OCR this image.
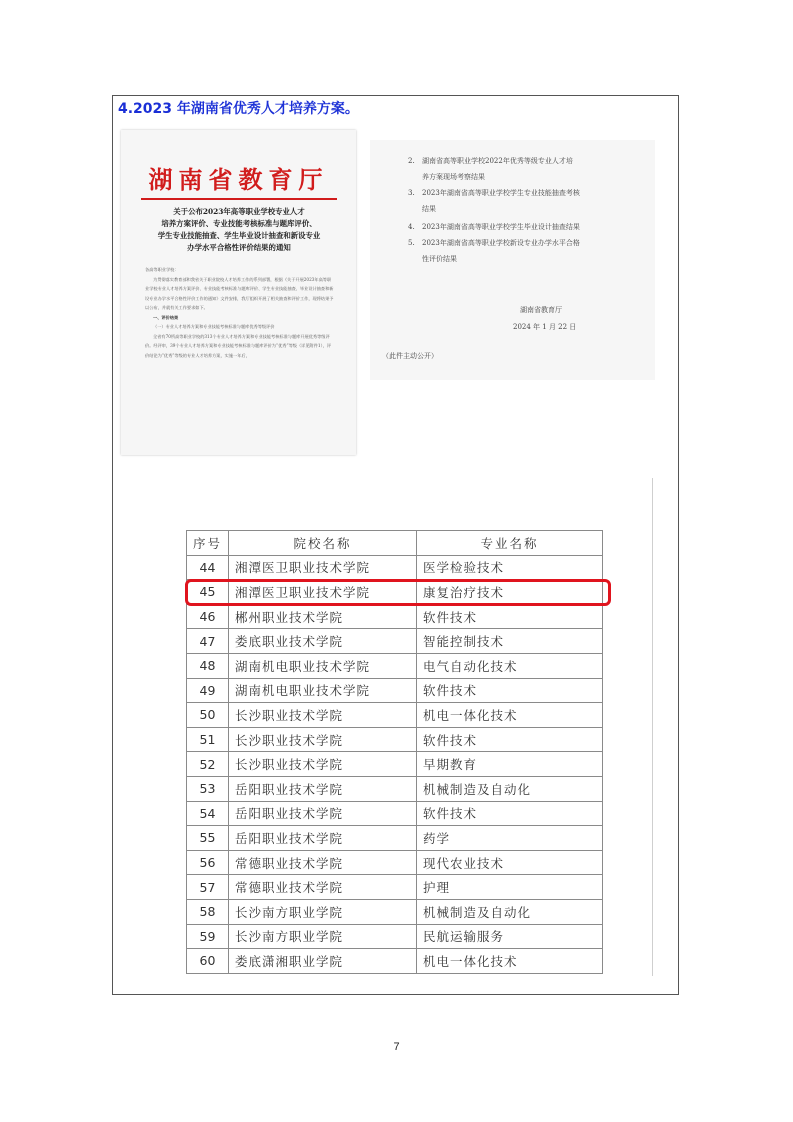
4.2023 年湖南省优秀人才培养方案。
湖南省教育厅
关于公布2023年高等职业学校专业人才
培养方案评价、专业技能考核标准与题库评价、
学生专业技能抽查、学生毕业设计抽查和新设专业
办学水平合格性评价结果的通知

各高等职业学校：

为贯彻落实教育部和我省关于职业院校人才培养工作的系列部署，根据《关于开展2023年高等职业学校专业人才培养方案评价、专业技能考核标准与题库评价、学生专业技能抽查、毕业设计抽查和新设专业办学水平合格性评价工作的通知》文件安排，我厅组织开展了相关抽查和评价工作，现将结果予以公布，并就有关工作要求如下。

一、评价结果

（一）专业人才培养方案和专业技能考核标准与题库优秀等级评价

全省有70所高等职业学校的313个专业人才培养方案和专业技能考核标准与题库开展优秀等级评价。经评审，39个专业人才培养方案和专业技能考核标准与题库评价为“优秀”等级（详见附件1），评价结论为“优秀”等级的专业人才培养方案，实施一年后，

2. 湖南省高等职业学校2022年优秀等级专业人才培

养方案现场考察结果

3. 2023年湖南省高等职业学校学生专业技能抽查考核

结果

4. 2023年湖南省高等职业学校学生毕业设计抽查结果

5. 2023年湖南省高等职业学校新设专业办学水平合格

性评价结果

湖南省教育厅

2024 年 1 月 22 日

（此件主动公开）

序号	院校名称	专业名称
44	湘潭医卫职业技术学院	医学检验技术
45	湘潭医卫职业技术学院	康复治疗技术
46	郴州职业技术学院	软件技术
47	娄底职业技术学院	智能控制技术
48	湖南机电职业技术学院	电气自动化技术
49	湖南机电职业技术学院	软件技术
50	长沙职业技术学院	机电一体化技术
51	长沙职业技术学院	软件技术
52	长沙职业技术学院	早期教育
53	岳阳职业技术学院	机械制造及自动化
54	岳阳职业技术学院	软件技术
55	岳阳职业技术学院	药学
56	常德职业技术学院	现代农业技术
57	常德职业技术学院	护理
58	长沙南方职业学院	机械制造及自动化
59	长沙南方职业学院	民航运输服务
60	娄底潇湘职业学院	机电一体化技术

7
